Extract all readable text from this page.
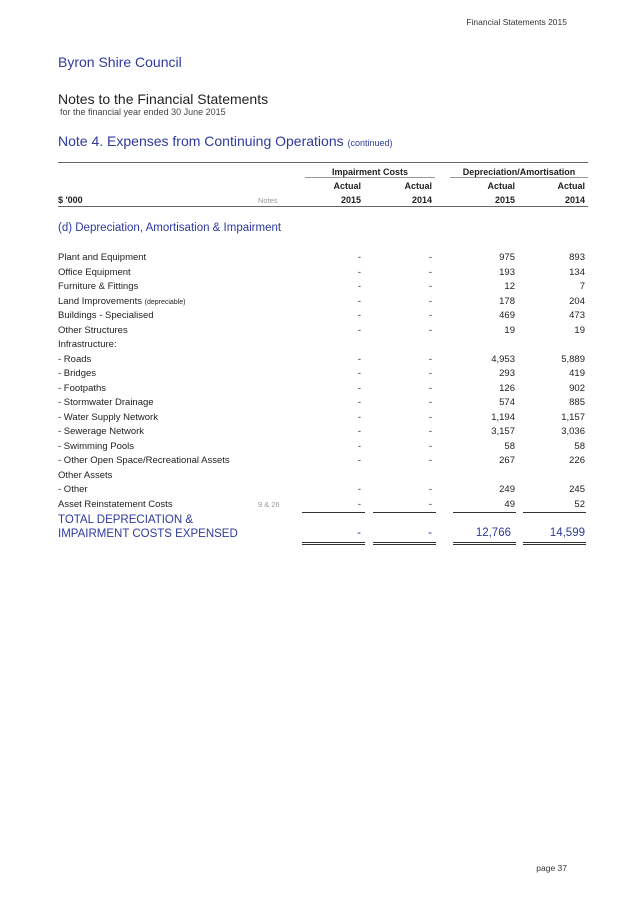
Financial Statements 2015
Byron Shire Council
Notes to the Financial Statements
for the financial year ended 30 June 2015
Note 4. Expenses from Continuing Operations (continued)
Impairment Costs	Depreciation/Amortisation
Actual	Actual	Actual	Actual
$ '000	Notes	2015	2014	2015	2014
(d) Depreciation, Amortisation & Impairment
Plant and Equipment	-	-	975	893
Office Equipment	-	-	193	134
Furniture & Fittings	-	-	12	7
Land Improvements (depreciable)	-	-	178	204
Buildings - Specialised	-	-	469	473
Other Structures	-	-	19	19
Infrastructure:
- Roads	-	-	4,953	5,889
- Bridges	-	-	293	419
- Footpaths	-	-	126	902
- Stormwater Drainage	-	-	574	885
- Water Supply Network	-	-	1,194	1,157
- Sewerage Network	-	-	3,157	3,036
- Swimming Pools	-	-	58	58
- Other Open Space/Recreational Assets	-	-	267	226
Other Assets
- Other	-	-	249	245
Asset Reinstatement Costs	9 & 26	-	-	49	52
TOTAL DEPRECIATION &
IMPAIRMENT COSTS EXPENSED	-	-	12,766	14,599
page 37
